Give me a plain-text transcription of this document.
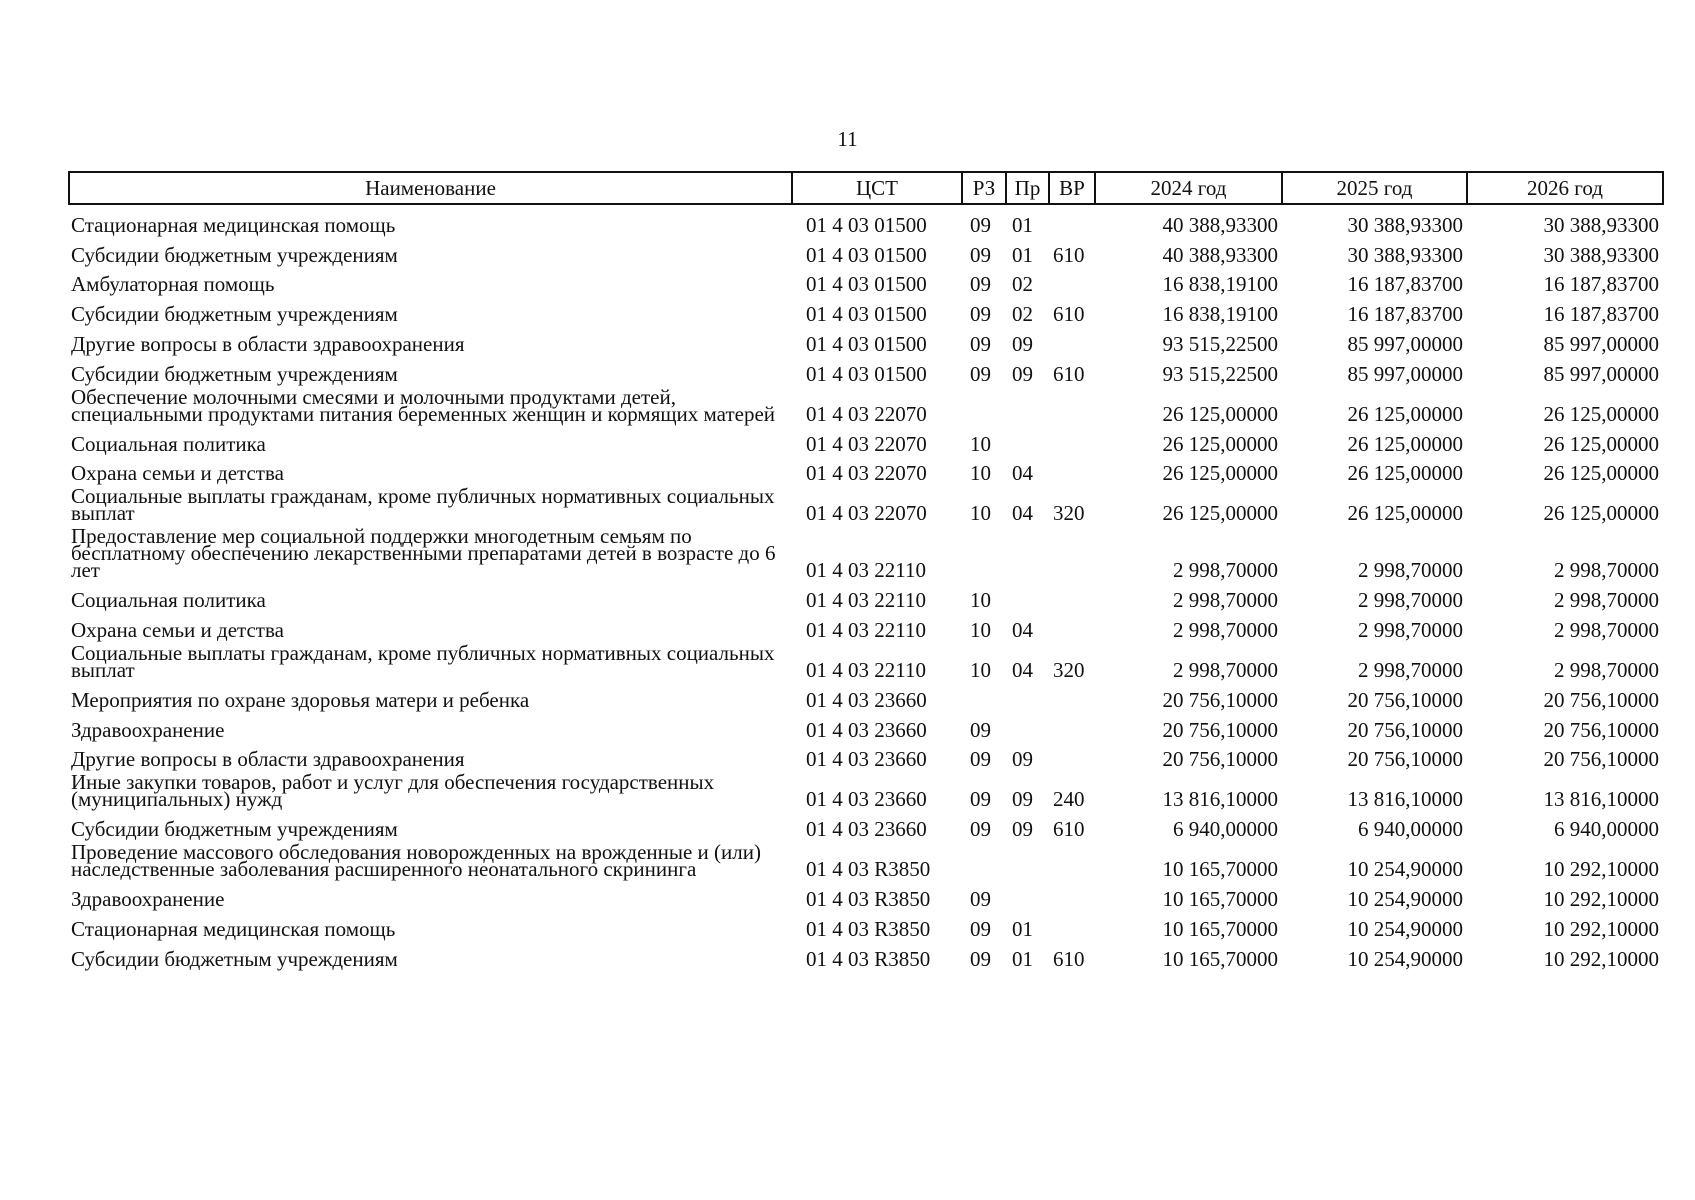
11
Наименование	ЦСТ	РЗ	Пр	ВР	2024 год	2025 год	2026 год
Стационарная медицинская помощь	01 4 03 01500	09	01		40 388,93300	30 388,93300	30 388,93300
Субсидии бюджетным учреждениям	01 4 03 01500	09	01	610	40 388,93300	30 388,93300	30 388,93300
Амбулаторная помощь	01 4 03 01500	09	02		16 838,19100	16 187,83700	16 187,83700
Субсидии бюджетным учреждениям	01 4 03 01500	09	02	610	16 838,19100	16 187,83700	16 187,83700
Другие вопросы в области здравоохранения	01 4 03 01500	09	09		93 515,22500	85 997,00000	85 997,00000
Субсидии бюджетным учреждениям	01 4 03 01500	09	09	610	93 515,22500	85 997,00000	85 997,00000
Обеспечение молочными смесями и молочными продуктами детей, специальными продуктами питания беременных женщин и кормящих матерей	01 4 03 22070				26 125,00000	26 125,00000	26 125,00000
Социальная политика	01 4 03 22070	10			26 125,00000	26 125,00000	26 125,00000
Охрана семьи и детства	01 4 03 22070	10	04		26 125,00000	26 125,00000	26 125,00000
Социальные выплаты гражданам, кроме публичных нормативных социальных выплат	01 4 03 22070	10	04	320	26 125,00000	26 125,00000	26 125,00000
Предоставление мер социальной поддержки многодетным семьям по бесплатному обеспечению лекарственными препаратами детей в возрасте до 6 лет	01 4 03 22110				2 998,70000	2 998,70000	2 998,70000
Социальная политика	01 4 03 22110	10			2 998,70000	2 998,70000	2 998,70000
Охрана семьи и детства	01 4 03 22110	10	04		2 998,70000	2 998,70000	2 998,70000
Социальные выплаты гражданам, кроме публичных нормативных социальных выплат	01 4 03 22110	10	04	320	2 998,70000	2 998,70000	2 998,70000
Мероприятия по охране здоровья матери и ребенка	01 4 03 23660				20 756,10000	20 756,10000	20 756,10000
Здравоохранение	01 4 03 23660	09			20 756,10000	20 756,10000	20 756,10000
Другие вопросы в области здравоохранения	01 4 03 23660	09	09		20 756,10000	20 756,10000	20 756,10000
Иные закупки товаров, работ и услуг для обеспечения государственных (муниципальных) нужд	01 4 03 23660	09	09	240	13 816,10000	13 816,10000	13 816,10000
Субсидии бюджетным учреждениям	01 4 03 23660	09	09	610	6 940,00000	6 940,00000	6 940,00000
Проведение массового обследования новорожденных на врожденные и (или) наследственные заболевания расширенного неонатального скрининга	01 4 03 R3850				10 165,70000	10 254,90000	10 292,10000
Здравоохранение	01 4 03 R3850	09			10 165,70000	10 254,90000	10 292,10000
Стационарная медицинская помощь	01 4 03 R3850	09	01		10 165,70000	10 254,90000	10 292,10000
Субсидии бюджетным учреждениям	01 4 03 R3850	09	01	610	10 165,70000	10 254,90000	10 292,10000
